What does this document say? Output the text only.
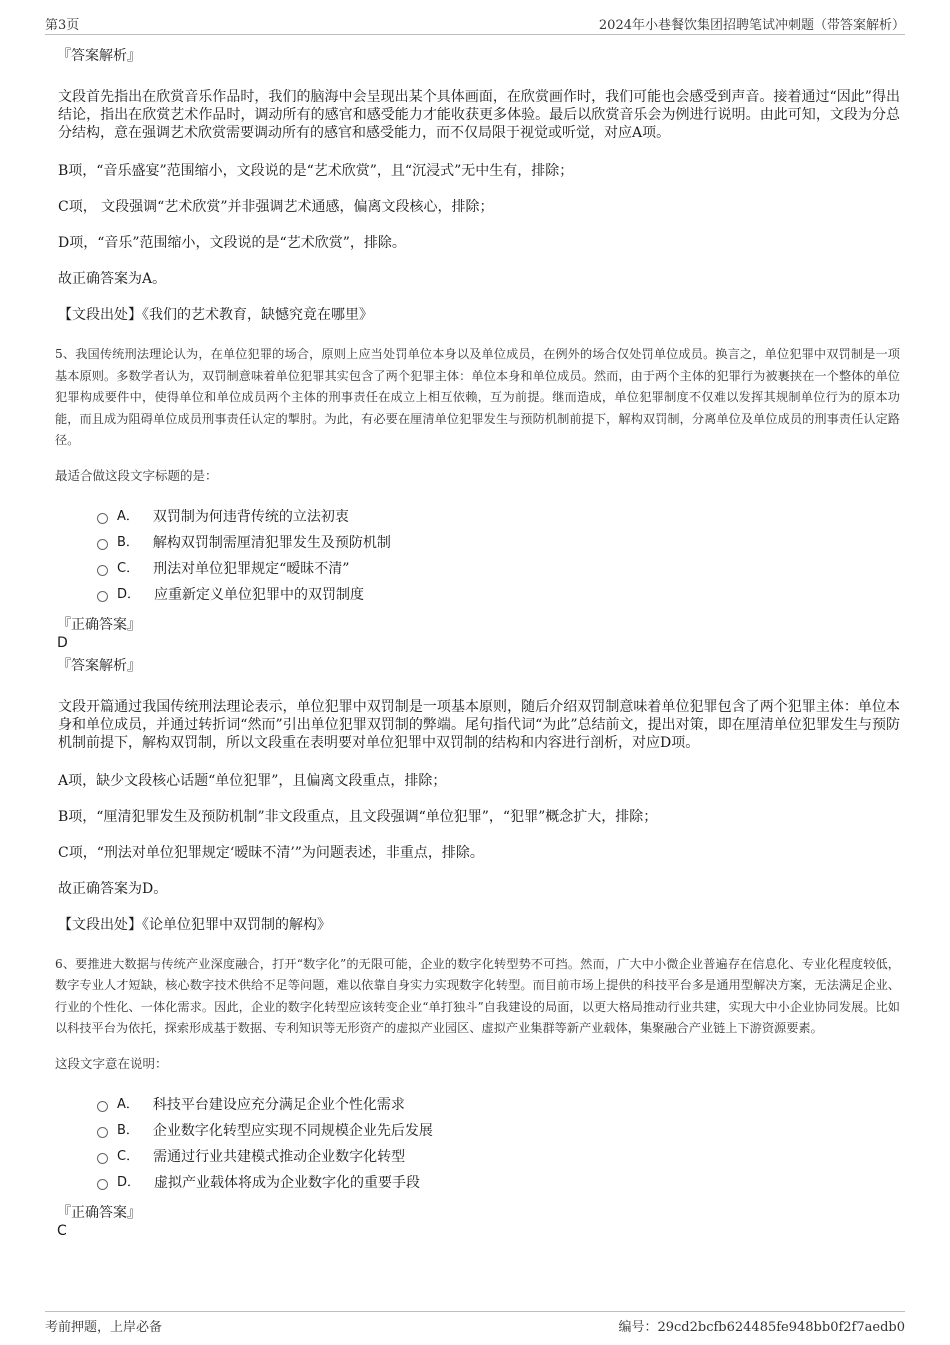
第3页	2024年小巷餐饮集团招聘笔试冲刺题（带答案解析）
『答案解析』
文段首先指出在欣赏音乐作品时，我们的脑海中会呈现出某个具体画面，在欣赏画作时，我们可能也会感受到声音。接着通过“因此”得出结论，指出在欣赏艺术作品时，调动所有的感官和感受能力才能收获更多体验。最后以欣赏音乐会为例进行说明。由此可知，文段为分总分结构，意在强调艺术欣赏需要调动所有的感官和感受能力，而不仅局限于视觉或听觉，对应A项。
B项，“音乐盛宴”范围缩小，文段说的是“艺术欣赏”，且“沉浸式”无中生有，排除；
C项， 文段强调“艺术欣赏”并非强调艺术通感，偏离文段核心，排除；
D项，“音乐”范围缩小，文段说的是“艺术欣赏”，排除。
故正确答案为A。
【文段出处】《我们的艺术教育，缺憾究竟在哪里》
5、我国传统刑法理论认为，在单位犯罪的场合，原则上应当处罚单位本身以及单位成员，在例外的场合仅处罚单位成员。换言之，单位犯罪中双罚制是一项基本原则。多数学者认为，双罚制意味着单位犯罪其实包含了两个犯罪主体：单位本身和单位成员。然而，由于两个主体的犯罪行为被裹挟在一个整体的单位犯罪构成要件中，使得单位和单位成员两个主体的刑事责任在成立上相互依赖，互为前提。继而造成，单位犯罪制度不仅难以发挥其规制单位行为的原本功能，而且成为阻碍单位成员刑事责任认定的掣肘。为此，有必要在厘清单位犯罪发生与预防机制前提下，解构双罚制，分离单位及单位成员的刑事责任认定路径。
最适合做这段文字标题的是：
A． 双罚制为何违背传统的立法初衷
B． 解构双罚制需厘清犯罪发生及预防机制
C． 刑法对单位犯罪规定“暧昧不清”
D． 应重新定义单位犯罪中的双罚制度
『正确答案』
D
『答案解析』
文段开篇通过我国传统刑法理论表示，单位犯罪中双罚制是一项基本原则，随后介绍双罚制意味着单位犯罪包含了两个犯罪主体：单位本身和单位成员，并通过转折词“然而”引出单位犯罪双罚制的弊端。尾句指代词“为此”总结前文，提出对策，即在厘清单位犯罪发生与预防机制前提下，解构双罚制，所以文段重在表明要对单位犯罪中双罚制的结构和内容进行剖析，对应D项。
A项，缺少文段核心话题“单位犯罪”，且偏离文段重点，排除；
B项，“厘清犯罪发生及预防机制”非文段重点，且文段强调“单位犯罪”，“犯罪”概念扩大，排除；
C项，“刑法对单位犯罪规定‘暧昧不清’”为问题表述，非重点，排除。
故正确答案为D。
【文段出处】《论单位犯罪中双罚制的解构》
6、要推进大数据与传统产业深度融合，打开“数字化”的无限可能，企业的数字化转型势不可挡。然而，广大中小微企业普遍存在信息化、专业化程度较低，数字专业人才短缺，核心数字技术供给不足等问题，难以依靠自身实力实现数字化转型。而目前市场上提供的科技平台多是通用型解决方案，无法满足企业、行业的个性化、一体化需求。因此，企业的数字化转型应该转变企业“单打独斗”自我建设的局面，以更大格局推动行业共建，实现大中小企业协同发展。比如以科技平台为依托，探索形成基于数据、专利知识等无形资产的虚拟产业园区、虚拟产业集群等新产业载体，集聚融合产业链上下游资源要素。
这段文字意在说明：
A． 科技平台建设应充分满足企业个性化需求
B． 企业数字化转型应实现不同规模企业先后发展
C． 需通过行业共建模式推动企业数字化转型
D． 虚拟产业载体将成为企业数字化的重要手段
『正确答案』
C
考前押题，上岸必备	编号：29cd2bcfb624485fe948bb0f2f7aedb0
